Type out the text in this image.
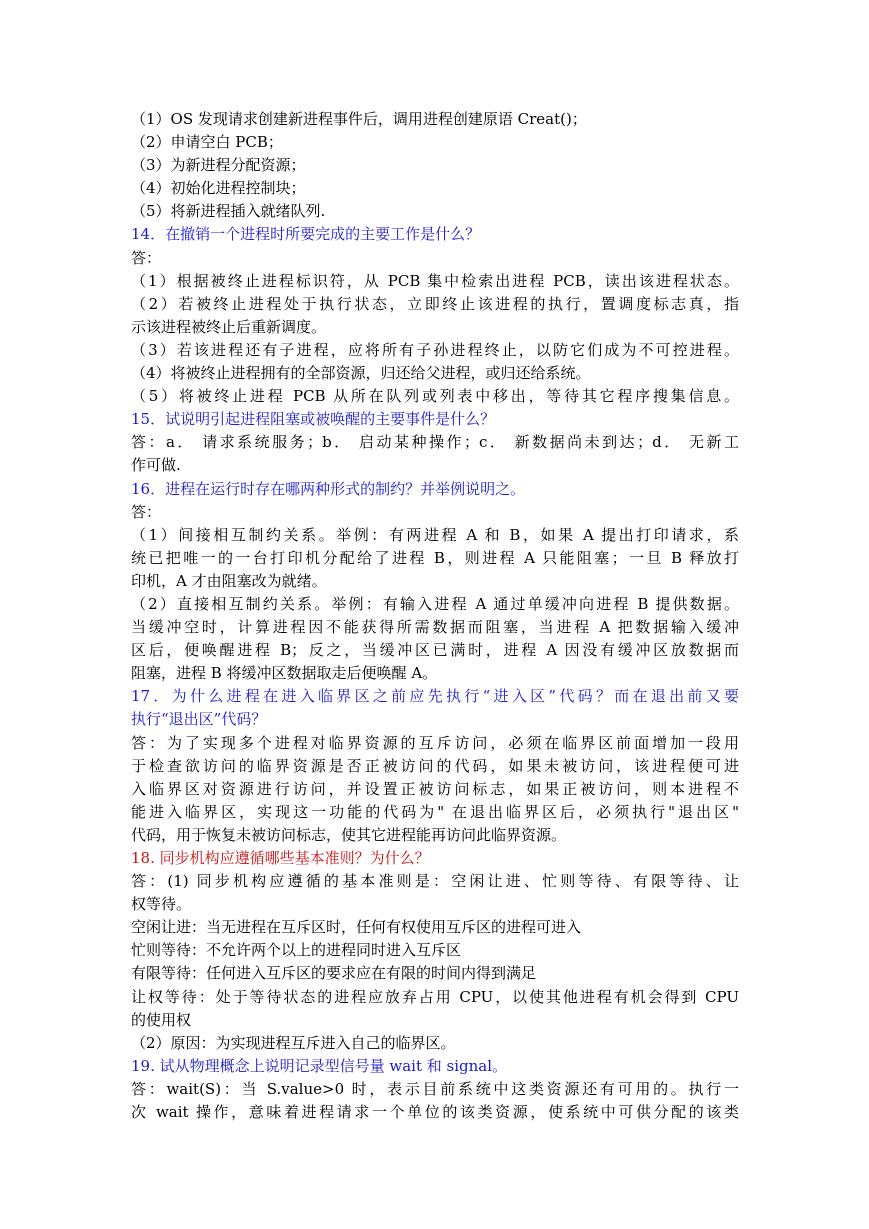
（1）OS 发现请求创建新进程事件后，调用进程创建原语 Creat()；
（2）申请空白 PCB；
（3）为新进程分配资源；
（4）初始化进程控制块；
（5）将新进程插入就绪队列.
14．在撤销一个进程时所要完成的主要工作是什么？
答：
（1）根据被终止进程标识符，从 PCB 集中检索出进程 PCB，读出该进程状态。
（2）若被终止进程处于执行状态，立即终止该进程的执行，置调度标志真，指
示该进程被终止后重新调度。
（3）若该进程还有子进程，应将所有子孙进程终止，以防它们成为不可控进程。
（4）将被终止进程拥有的全部资源，归还给父进程，或归还给系统。
（5）将被终止进程 PCB 从所在队列或列表中移出，等待其它程序搜集信息。
15．试说明引起进程阻塞或被唤醒的主要事件是什么？
答：a． 请求系统服务；b． 启动某种操作；c． 新数据尚未到达；d． 无新工
作可做.
16．进程在运行时存在哪两种形式的制约？并举例说明之。
答：
（1）间接相互制约关系。举例：有两进程 A 和 B，如果 A 提出打印请求，系
统已把唯一的一台打印机分配给了进程 B，则进程 A 只能阻塞；一旦 B 释放打
印机，A 才由阻塞改为就绪。
（2）直接相互制约关系。举例：有输入进程 A 通过单缓冲向进程 B 提供数据。
当缓冲空时，计算进程因不能获得所需数据而阻塞，当进程 A 把数据输入缓冲
区后，便唤醒进程 B；反之，当缓冲区已满时，进程 A 因没有缓冲区放数据而
阻塞，进程 B 将缓冲区数据取走后便唤醒 A。
17．为什么进程在进入临界区之前应先执行“进入区”代码？而在退出前又要
执行“退出区”代码？
答：为了实现多个进程对临界资源的互斥访问，必须在临界区前面增加一段用
于检查欲访问的临界资源是否正被访问的代码，如果未被访问，该进程便可进
入临界区对资源进行访问，并设置正被访问标志，如果正被访问，则本进程不
能进入临界区，实现这一功能的代码为" 在退出临界区后，必须执行"退出区"
代码，用于恢复未被访问标志，使其它进程能再访问此临界资源。
18. 同步机构应遵循哪些基本准则？为什么？
答：(1) 同步机构应遵循的基本准则是：空闲让进、忙则等待、有限等待、让
权等待。
空闲让进：当无进程在互斥区时，任何有权使用互斥区的进程可进入
忙则等待：不允许两个以上的进程同时进入互斥区
有限等待：任何进入互斥区的要求应在有限的时间内得到满足
让权等待：处于等待状态的进程应放弃占用 CPU，以使其他进程有机会得到 CPU
的使用权
（2）原因：为实现进程互斥进入自己的临界区。
19. 试从物理概念上说明记录型信号量 wait 和 signal。
答：wait(S)：当 S.value>0 时，表示目前系统中这类资源还有可用的。执行一
次 wait 操作，意味着进程请求一个单位的该类资源，使系统中可供分配的该类
